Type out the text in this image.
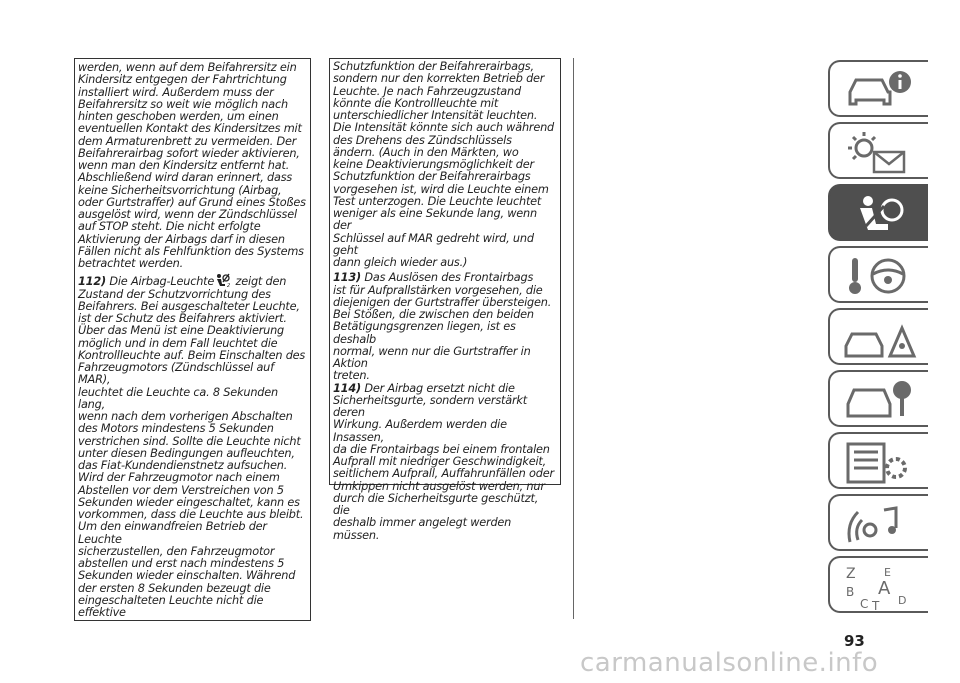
werden, wenn auf dem Beifahrersitz ein
Kindersitz entgegen der Fahrtrichtung
installiert wird. Außerdem muss der
Beifahrersitz so weit wie möglich nach
hinten geschoben werden, um einen
eventuellen Kontakt des Kindersitzes mit
dem Armaturenbrett zu vermeiden. Der
Beifahrerairbag sofort wieder aktivieren,
wenn man den Kindersitz entfernt hat.
Abschließend wird daran erinnert, dass
keine Sicherheitsvorrichtung (Airbag,
oder Gurtstraffer) auf Grund eines Stoßes
ausgelöst wird, wenn der Zündschlüssel
auf STOP steht. Die nicht erfolgte
Aktivierung der Airbags darf in diesen
Fällen nicht als Fehlfunktion des Systems
betrachtet werden.

112) Die Airbag-Leuchte	2 zeigt den
Zustand der Schutzvorrichtung des
Beifahrers. Bei ausgeschalteter Leuchte,
ist der Schutz des Beifahrers aktiviert.
Über das Menü ist eine Deaktivierung
möglich und in dem Fall leuchtet die
Kontrollleuchte auf. Beim Einschalten des
Fahrzeugmotors (Zündschlüssel auf MAR),
leuchtet die Leuchte ca. 8 Sekunden lang,
wenn nach dem vorherigen Abschalten
des Motors mindestens 5 Sekunden
verstrichen sind. Sollte die Leuchte nicht
unter diesen Bedingungen aufleuchten,
das Fiat-Kundendienstnetz aufsuchen.
Wird der Fahrzeugmotor nach einem
Abstellen vor dem Verstreichen von 5
Sekunden wieder eingeschaltet, kann es
vorkommen, dass die Leuchte aus bleibt.
Um den einwandfreien Betrieb der Leuchte
sicherzustellen, den Fahrzeugmotor
abstellen und erst nach mindestens 5
Sekunden wieder einschalten. Während
der ersten 8 Sekunden bezeugt die
eingeschalteten Leuchte nicht die effektive

Schutzfunktion der Beifahrerairbags,
sondern nur den korrekten Betrieb der
Leuchte. Je nach Fahrzeugzustand
könnte die Kontrollleuchte mit
unterschiedlicher Intensität leuchten.
Die Intensität könnte sich auch während
des Drehens des Zündschlüssels
ändern. (Auch in den Märkten, wo
keine Deaktivierungsmöglichkeit der
Schutzfunktion der Beifahrerairbags
vorgesehen ist, wird die Leuchte einem
Test unterzogen. Die Leuchte leuchtet
weniger als eine Sekunde lang, wenn der
Schlüssel auf MAR gedreht wird, und geht
dann gleich wieder aus.)

113) Das Auslösen des Frontairbags
ist für Aufprallstärken vorgesehen, die
diejenigen der Gurtstraffer übersteigen.
Bei Stößen, die zwischen den beiden
Betätigungsgrenzen liegen, ist es deshalb
normal, wenn nur die Gurtstraffer in Aktion
treten.

114) Der Airbag ersetzt nicht die
Sicherheitsgurte, sondern verstärkt deren
Wirkung. Außerdem werden die Insassen,
da die Frontairbags bei einem frontalen
Aufprall mit niedriger Geschwindigkeit,
seitlichem Aufprall, Auffahrunfällen oder
Umkippen nicht ausgelöst werden, nur
durch die Sicherheitsgurte geschützt, die
deshalb immer angelegt werden müssen.

Z	E
B A
C T D
93
carmanualsonline.info
